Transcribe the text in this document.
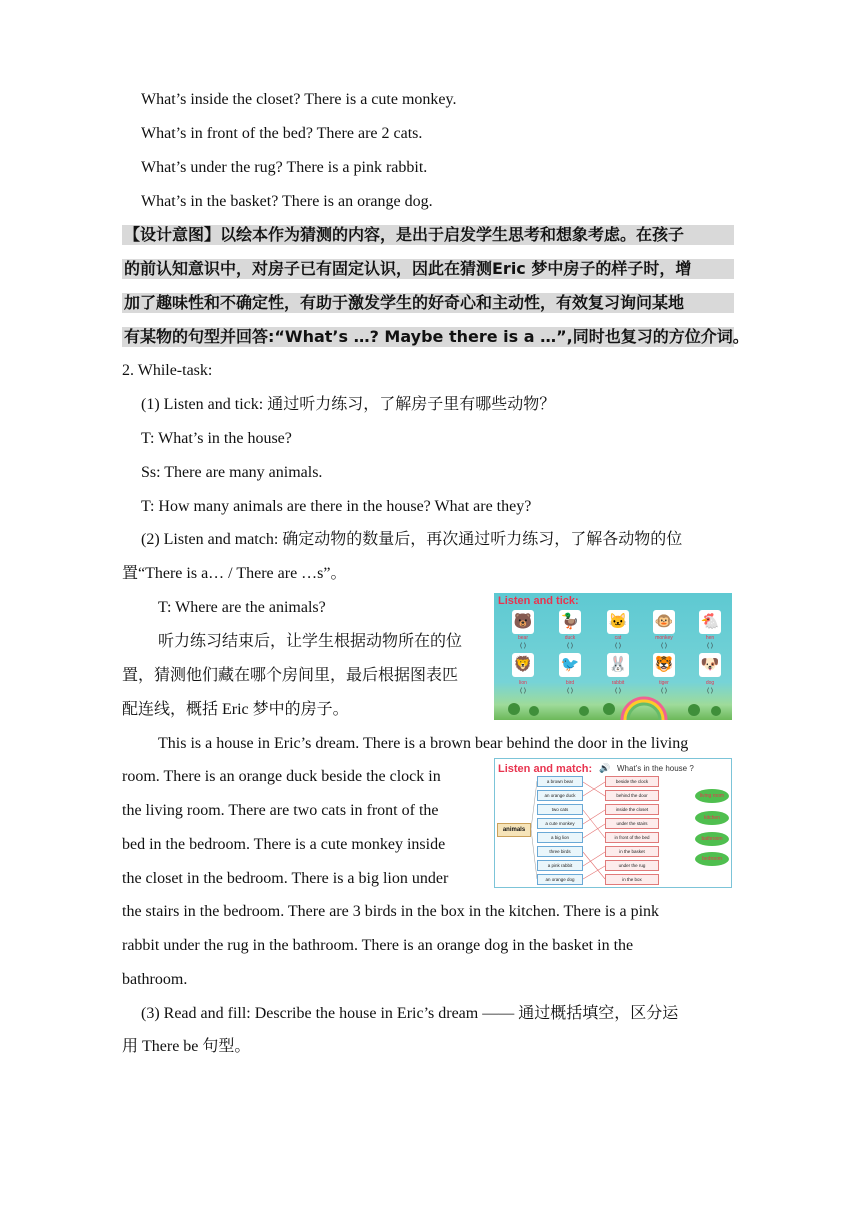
What’s inside the closet? There is a cute monkey.
What’s in front of the bed? There are 2 cats.
What’s under the rug? There is a pink rabbit.
What’s in the basket? There is an orange dog.
【设计意图】以绘本作为猜测的内容，是出于启发学生思考和想象考虑。在孩子
的前认知意识中，对房子已有固定认识，因此在猜测Eric 梦中房子的样子时，增
加了趣味性和不确定性，有助于激发学生的好奇心和主动性，有效复习询问某地
有某物的句型并回答:“What’s …? Maybe there is a …”,同时也复习的方位介词。
2. While-task:
(1) Listen and tick: 通过听力练习，了解房子里有哪些动物？
T: What’s in the house?
Ss: There are many animals.
T: How many animals are there in the house? What are they?
(2) Listen and match: 确定动物的数量后，再次通过听力练习，了解各动物的位
置“There is a… / There are …s”。
T: Where are the animals?
听力练习结束后，让学生根据动物所在的位
置，猜测他们藏在哪个房间里，最后根据图表匹
配连线，概括 Eric 梦中的房子。
This is a house in Eric’s dream. There is a brown bear behind the door in the living
room. There is an orange duck beside the clock in
the living room. There are two cats in front of the
bed in the bedroom. There is a cute monkey inside
the closet in the bedroom. There is a big lion under
the stairs in the bedroom. There are 3 birds in the box in the kitchen. There is a pink
rabbit under the rug in the bathroom. There is an orange dog in the basket in the
bathroom.
(3) Read and fill: Describe the house in Eric’s dream —— 通过概括填空，区分运
用 There be 句型。
Listen and tick:
🐻
bear
( )
🦆
duck
( )
🐱
cat
( )
🐵
monkey
( )
🐔
hen
( )
🦁
lion
( )
🐦
bird
( )
🐰
rabbit
( )
🐯
tiger
( )
🐶
dog
( )
Listen and match: 🔊 What’s in the house ?
animals
a brown bear
an orange duck
two cats
a cute monkey
a big lion
three birds
a pink rabbit
an orange dog
beside the clock
behind the door
inside the closet
under the stairs
in front of the bed
in the basket
under the rug
in the box
living room
kitchen
bathroom
bedroom
